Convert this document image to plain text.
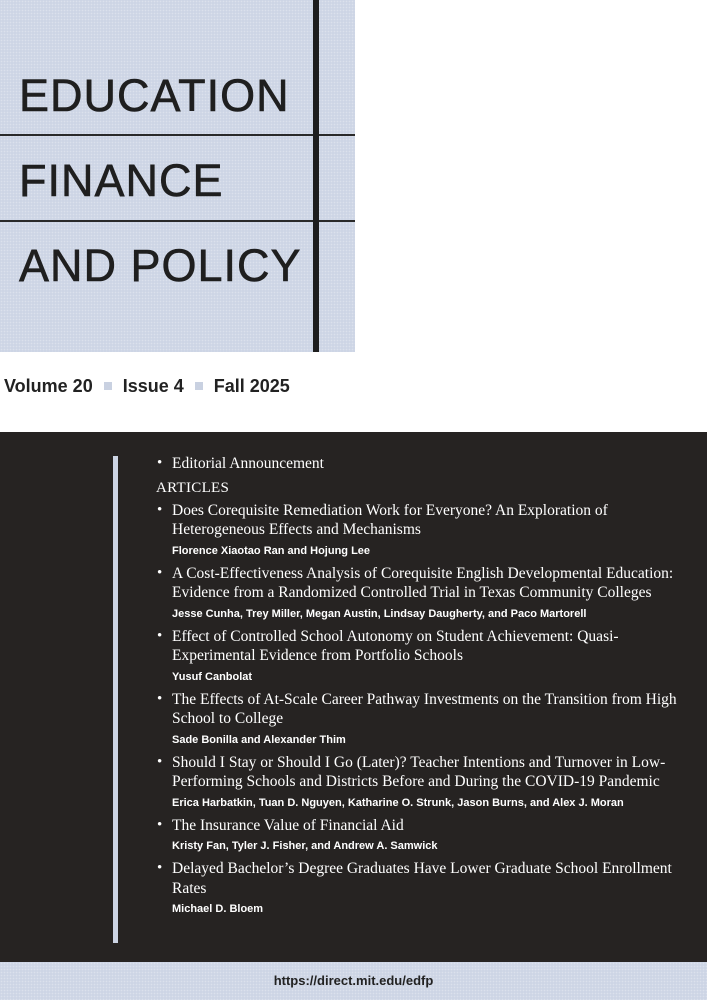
EDUCATION
FINANCE
AND POLICY
Volume 20 Issue 4 Fall 2025
• Editorial Announcement
ARTICLES
• Does Corequisite Remediation Work for Everyone? An Exploration of Heterogeneous Effects and Mechanisms
Florence Xiaotao Ran and Hojung Lee
• A Cost-Effectiveness Analysis of Corequisite English Developmental Education: Evidence from a Randomized Controlled Trial in Texas Community Colleges
Jesse Cunha, Trey Miller, Megan Austin, Lindsay Daugherty, and Paco Martorell
• Effect of Controlled School Autonomy on Student Achievement: Quasi-Experimental Evidence from Portfolio Schools
Yusuf Canbolat
• The Effects of At-Scale Career Pathway Investments on the Transition from High School to College
Sade Bonilla and Alexander Thim
• Should I Stay or Should I Go (Later)? Teacher Intentions and Turnover in Low-Performing Schools and Districts Before and During the COVID-19 Pandemic
Erica Harbatkin, Tuan D. Nguyen, Katharine O. Strunk, Jason Burns, and Alex J. Moran
• The Insurance Value of Financial Aid
Kristy Fan, Tyler J. Fisher, and Andrew A. Samwick
• Delayed Bachelor’s Degree Graduates Have Lower Graduate School Enrollment Rates
Michael D. Bloem
https://direct.mit.edu/edfp
